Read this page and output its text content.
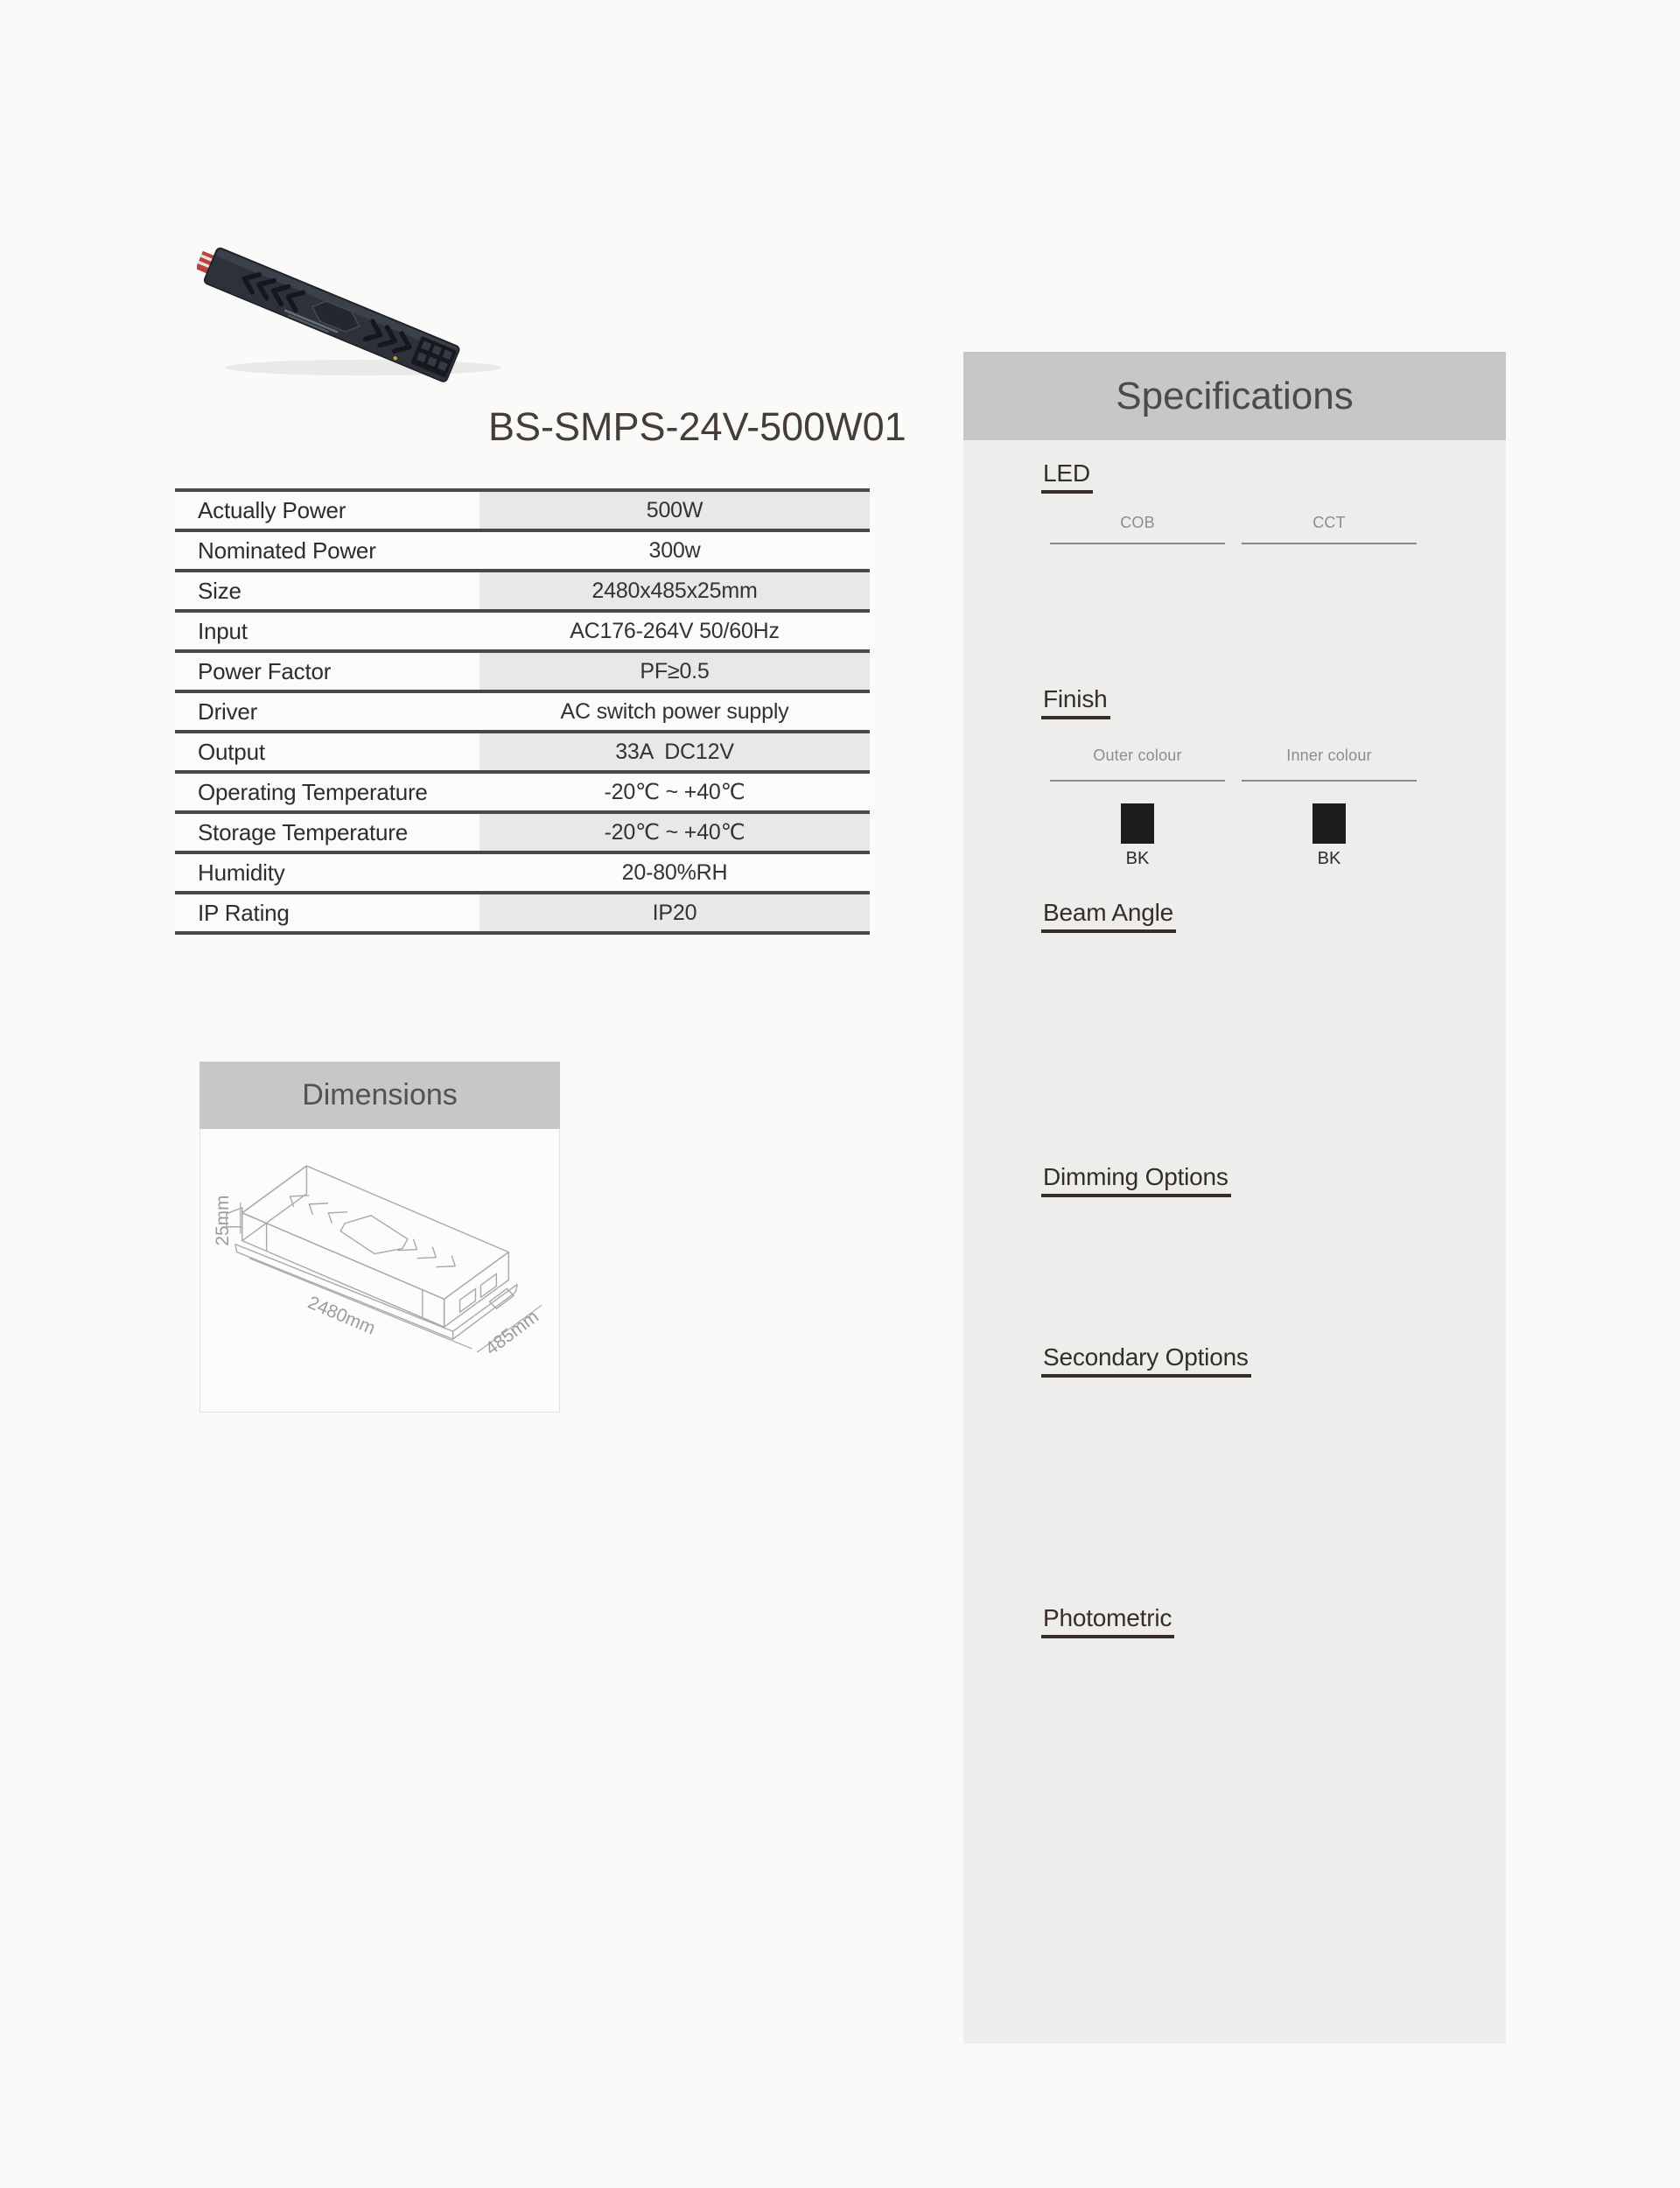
BS-SMPS-24V-500W01
Actually Power	500W
Nominated Power	300w
Size	2480x485x25mm
Input	AC176-264V 50/60Hz
Power Factor	PF≥0.5
Driver	AC switch power supply
Output	33A  DC12V
Operating Temperature	-20℃ ~ +40℃
Storage Temperature	-20℃ ~ +40℃
Humidity	20-80%RH
IP Rating	IP20
Dimensions
25mm
2480mm	485mm
Specifications
LED
COB	CCT
Finish
Outer colour	Inner colour
BK	BK
Beam Angle
Dimming Options
Secondary Options
Photometric
